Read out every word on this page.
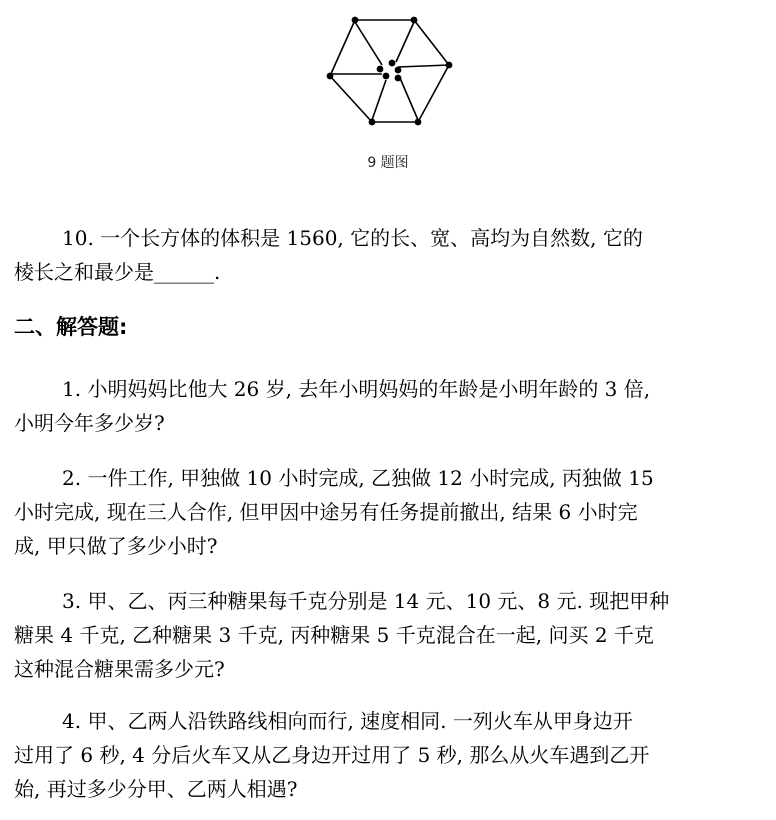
9 题图

10. 一个长方体的体积是 1560, 它的长、宽、高均为自然数, 它的
棱长之和最少是______.

二、解答题:

1. 小明妈妈比他大 26 岁, 去年小明妈妈的年龄是小明年龄的 3 倍,
小明今年多少岁?

2. 一件工作, 甲独做 10 小时完成, 乙独做 12 小时完成, 丙独做 15
小时完成, 现在三人合作, 但甲因中途另有任务提前撤出, 结果 6 小时完
成, 甲只做了多少小时?

3. 甲、乙、丙三种糖果每千克分别是 14 元、10 元、8 元. 现把甲种
糖果 4 千克, 乙种糖果 3 千克, 丙种糖果 5 千克混合在一起, 问买 2 千克
这种混合糖果需多少元?

4. 甲、乙两人沿铁路线相向而行, 速度相同. 一列火车从甲身边开
过用了 6 秒, 4 分后火车又从乙身边开过用了 5 秒, 那么从火车遇到乙开
始, 再过多少分甲、乙两人相遇?
